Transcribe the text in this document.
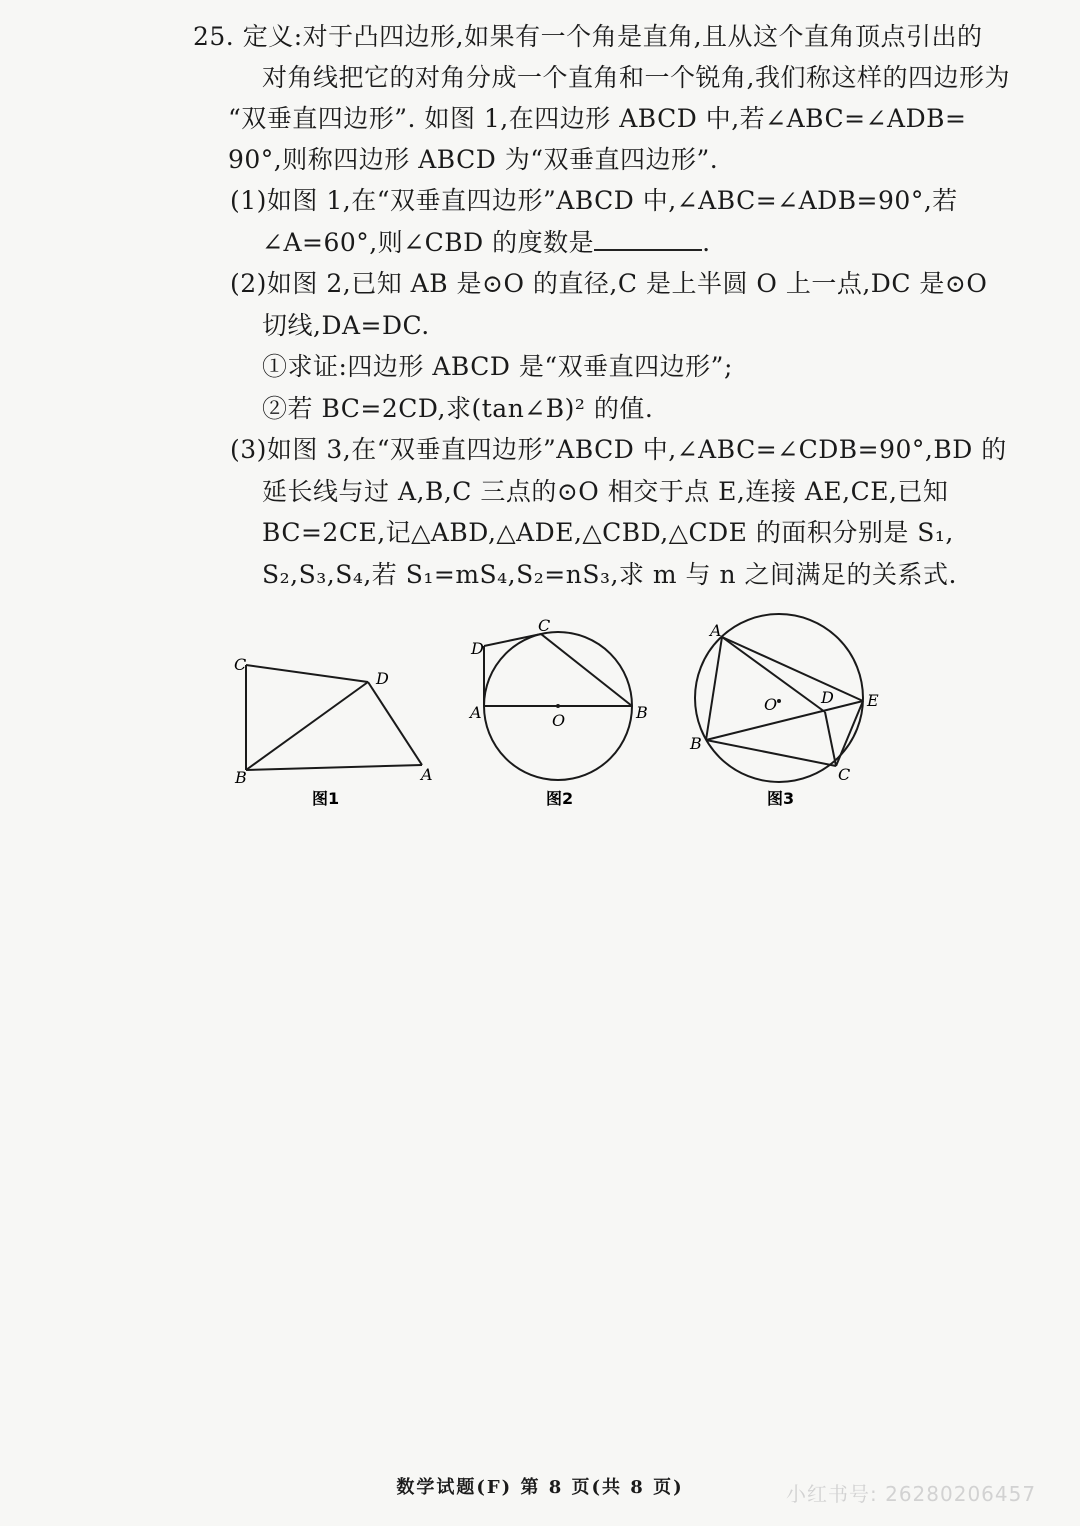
25. 定义:对于凸四边形,如果有一个角是直角,且从这个直角顶点引出的
对角线把它的对角分成一个直角和一个锐角,我们称这样的四边形为
“双垂直四边形”. 如图 1,在四边形 ABCD 中,若∠ABC=∠ADB=
90°,则称四边形 ABCD 为“双垂直四边形”.
(1)如图 1,在“双垂直四边形”ABCD 中,∠ABC=∠ADB=90°,若
∠A=60°,则∠CBD 的度数是	.
(2)如图 2,已知 AB 是⊙O 的直径,C 是上半圆 O 上一点,DC 是⊙O
切线,DA=DC.
①求证:四边形 ABCD 是“双垂直四边形”;
②若 BC=2CD,求(tan∠B)² 的值.
(3)如图 3,在“双垂直四边形”ABCD 中,∠ABC=∠CDB=90°,BD 的
延长线与过 A,B,C 三点的⊙O 相交于点 E,连接 AE,CE,已知
BC=2CE,记△ABD,△ADE,△CBD,△CDE 的面积分别是 S₁,
S₂,S₃,S₄,若 S₁=mS₄,S₂=nS₃,求 m 与 n 之间满足的关系式.
C
D
B	A
图1
D
C
A	O	B
图2
A
O	D E
B
C
图3
数学试题(F) 第 8 页(共 8 页)	小红书号: 26280206457
